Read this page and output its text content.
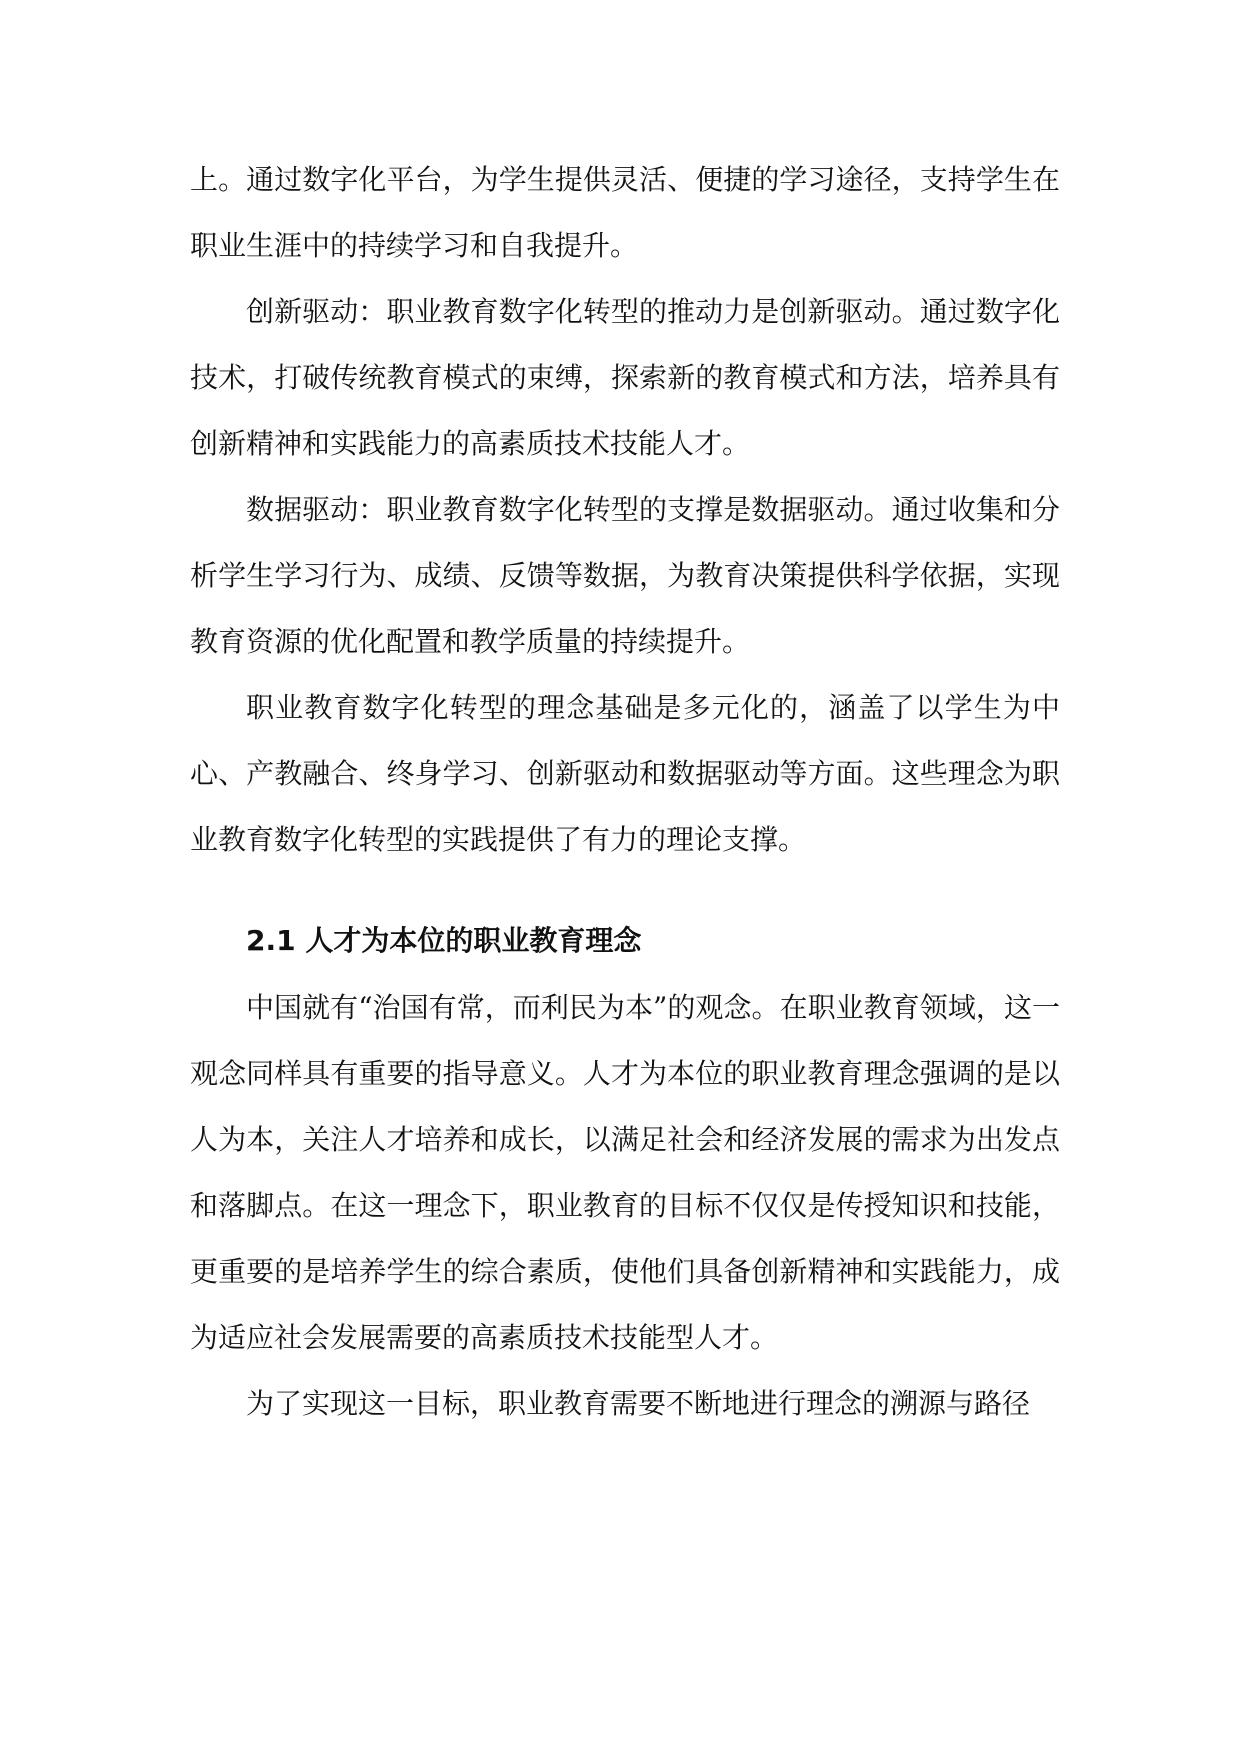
上。通过数字化平台，为学生提供灵活、便捷的学习途径，支持学生在职业生涯中的持续学习和自我提升。

创新驱动：职业教育数字化转型的推动力是创新驱动。通过数字化技术，打破传统教育模式的束缚，探索新的教育模式和方法，培养具有创新精神和实践能力的高素质技术技能人才。

数据驱动：职业教育数字化转型的支撑是数据驱动。通过收集和分析学生学习行为、成绩、反馈等数据，为教育决策提供科学依据，实现教育资源的优化配置和教学质量的持续提升。

职业教育数字化转型的理念基础是多元化的，涵盖了以学生为中心、产教融合、终身学习、创新驱动和数据驱动等方面。这些理念为职业教育数字化转型的实践提供了有力的理论支撑。

2.1 人才为本位的职业教育理念

中国就有“治国有常，而利民为本”的观念。在职业教育领域，这一观念同样具有重要的指导意义。人才为本位的职业教育理念强调的是以人为本，关注人才培养和成长，以满足社会和经济发展的需求为出发点和落脚点。在这一理念下，职业教育的目标不仅仅是传授知识和技能，更重要的是培养学生的综合素质，使他们具备创新精神和实践能力，成为适应社会发展需要的高素质技术技能型人才。

为了实现这一目标，职业教育需要不断地进行理念的溯源与路径
